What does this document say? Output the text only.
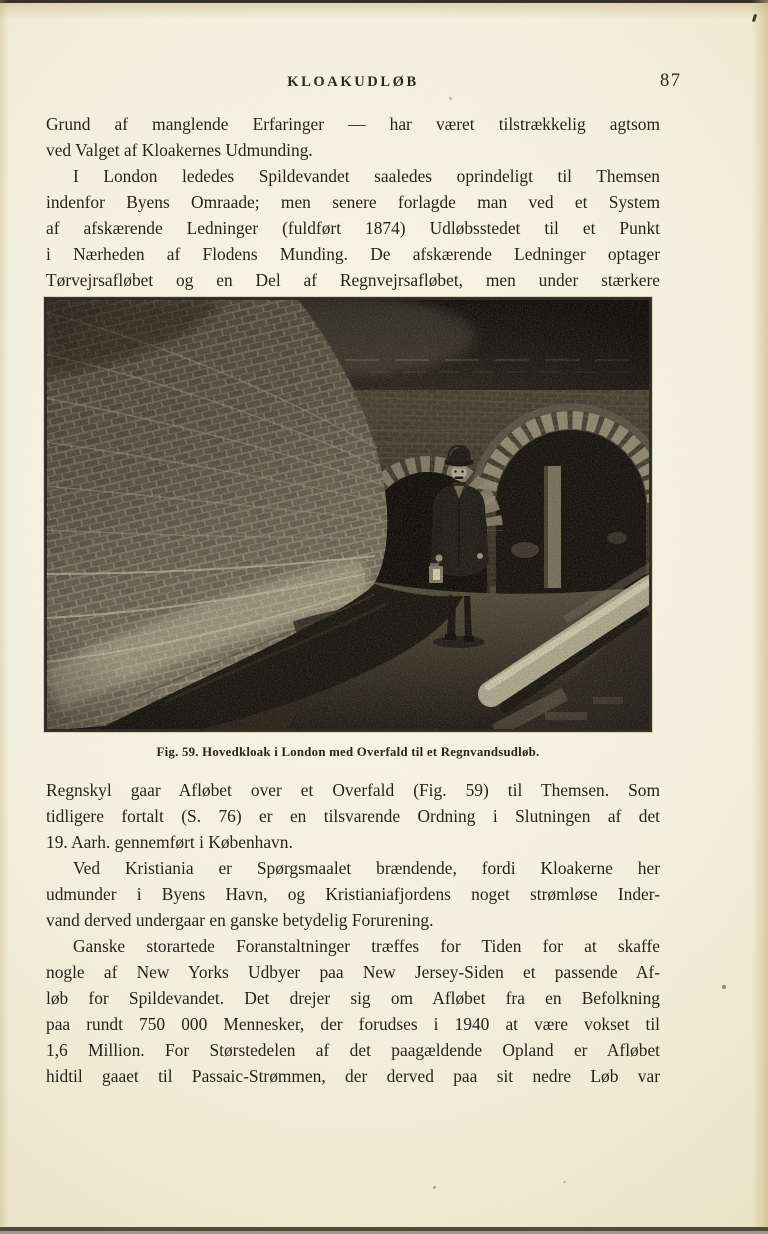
KLOAKUDLØB	87
Grund af manglende Erfaringer — har været tilstrækkelig agtsom
ved Valget af Kloakernes Udmunding.
I London lededes Spildevandet saaledes oprindeligt til Themsen
indenfor Byens Omraade; men senere forlagde man ved et System
af afskærende Ledninger (fuldført 1874) Udløbsstedet til et Punkt
i Nærheden af Flodens Munding. De afskærende Ledninger optager
Tørvejrsafløbet og en Del af Regnvejrsafløbet, men under stærkere
Fig. 59. Hovedkloak i London med Overfald til et Regnvandsudløb.
Regnskyl gaar Afløbet over et Overfald (Fig. 59) til Themsen. Som
tidligere fortalt (S. 76) er en tilsvarende Ordning i Slutningen af det
19. Aarh. gennemført i København.
Ved Kristiania er Spørgsmaalet brændende, fordi Kloakerne her
udmunder i Byens Havn, og Kristianiafjordens noget strømløse Inder-
vand derved undergaar en ganske betydelig Forurening.
Ganske storartede Foranstaltninger træffes for Tiden for at skaffe
nogle af New Yorks Udbyer paa New Jersey-Siden et passende Af-
løb for Spildevandet. Det drejer sig om Afløbet fra en Befolkning
paa rundt 750 000 Mennesker, der forudses i 1940 at være vokset til
1,6 Million. For Størstedelen af det paagældende Opland er Afløbet
hidtil gaaet til Passaic-Strømmen, der derved paa sit nedre Løb var
